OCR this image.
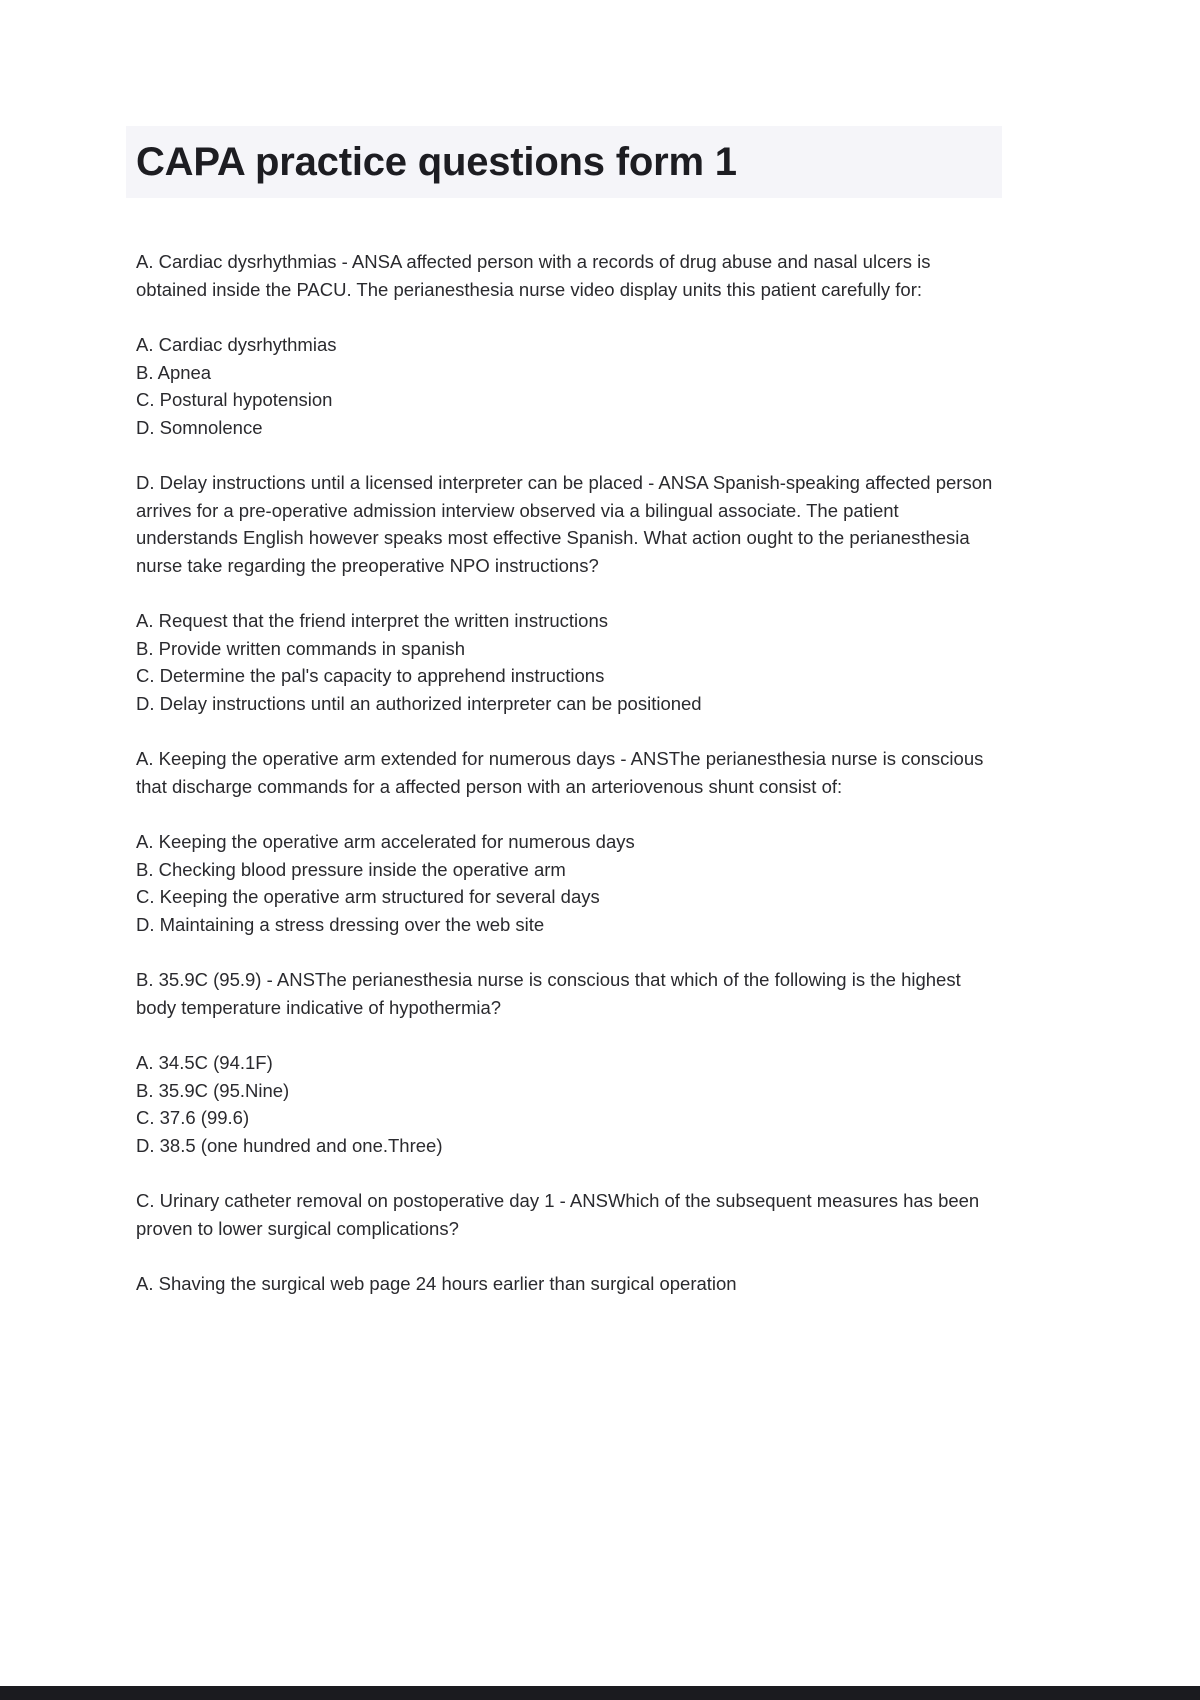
CAPA practice questions form 1

A. Cardiac dysrhythmias - ANSA affected person with a records of drug abuse and nasal ulcers is obtained inside the PACU. The perianesthesia nurse video display units this patient carefully for:

A. Cardiac dysrhythmias
B. Apnea
C. Postural hypotension
D. Somnolence

D. Delay instructions until a licensed interpreter can be placed - ANSA Spanish-speaking affected person arrives for a pre-operative admission interview observed via a bilingual associate. The patient understands English however speaks most effective Spanish. What action ought to the perianesthesia nurse take regarding the preoperative NPO instructions?

A. Request that the friend interpret the written instructions
B. Provide written commands in spanish
C. Determine the pal's capacity to apprehend instructions
D. Delay instructions until an authorized interpreter can be positioned

A. Keeping the operative arm extended for numerous days - ANSThe perianesthesia nurse is conscious that discharge commands for a affected person with an arteriovenous shunt consist of:

A. Keeping the operative arm accelerated for numerous days
B. Checking blood pressure inside the operative arm
C. Keeping the operative arm structured for several days
D. Maintaining a stress dressing over the web site

B. 35.9C (95.9) - ANSThe perianesthesia nurse is conscious that which of the following is the highest body temperature indicative of hypothermia?

A. 34.5C (94.1F)
B. 35.9C (95.Nine)
C. 37.6 (99.6)
D. 38.5 (one hundred and one.Three)

C. Urinary catheter removal on postoperative day 1 - ANSWhich of the subsequent measures has been proven to lower surgical complications?

A. Shaving the surgical web page 24 hours earlier than surgical operation
